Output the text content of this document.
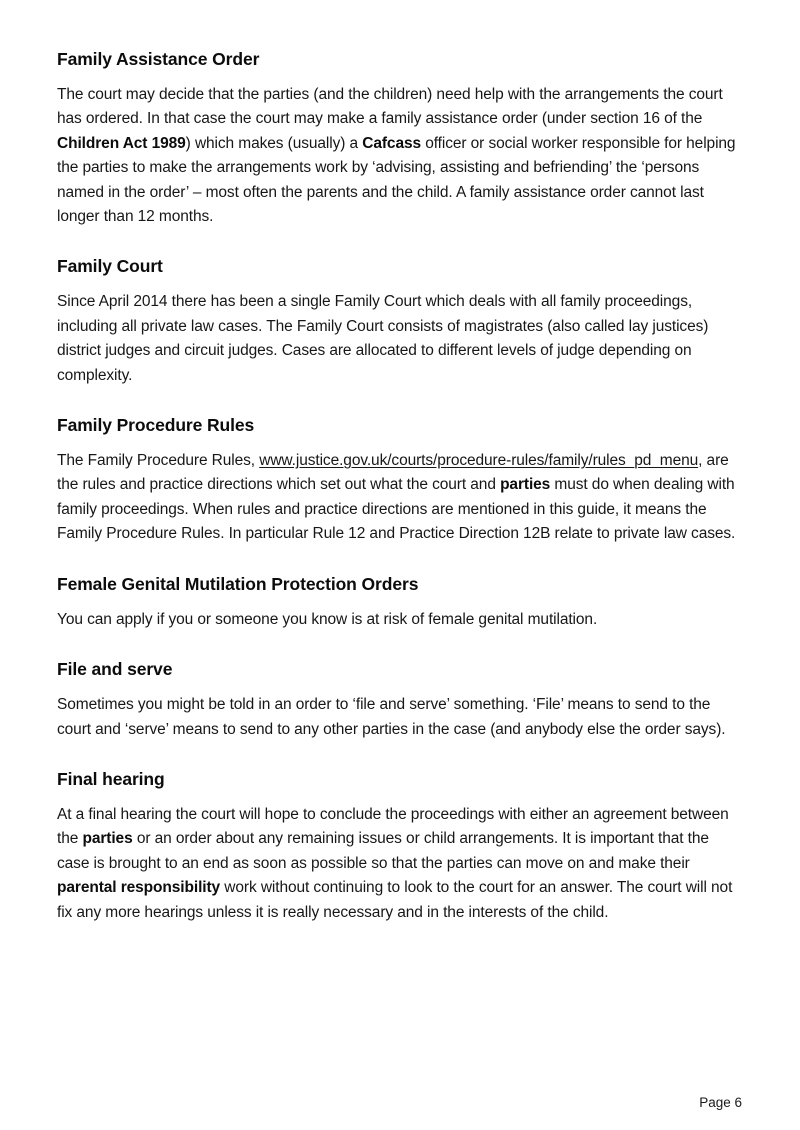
Family Assistance Order

The court may decide that the parties (and the children) need help with the arrangements the court has ordered. In that case the court may make a family assistance order (under section 16 of the Children Act 1989) which makes (usually) a Cafcass officer or social worker responsible for helping the parties to make the arrangements work by ‘advising, assisting and befriending’ the ‘persons named in the order’ – most often the parents and the child. A family assistance order cannot last longer than 12 months.

Family Court

Since April 2014 there has been a single Family Court which deals with all family proceedings, including all private law cases. The Family Court consists of magistrates (also called lay justices) district judges and circuit judges. Cases are allocated to different levels of judge depending on complexity.

Family Procedure Rules

The Family Procedure Rules, www.justice.gov.uk/courts/procedure-rules/family/rules_pd_menu, are the rules and practice directions which set out what the court and parties must do when dealing with family proceedings. When rules and practice directions are mentioned in this guide, it means the Family Procedure Rules. In particular Rule 12 and Practice Direction 12B relate to private law cases.

Female Genital Mutilation Protection Orders

You can apply if you or someone you know is at risk of female genital mutilation.

File and serve

Sometimes you might be told in an order to ‘file and serve’ something. ‘File’ means to send to the court and ‘serve’ means to send to any other parties in the case (and anybody else the order says).

Final hearing

At a final hearing the court will hope to conclude the proceedings with either an agreement between the parties or an order about any remaining issues or child arrangements. It is important that the case is brought to an end as soon as possible so that the parties can move on and make their parental responsibility work without continuing to look to the court for an answer. The court will not fix any more hearings unless it is really necessary and in the interests of the child.

Page 6
